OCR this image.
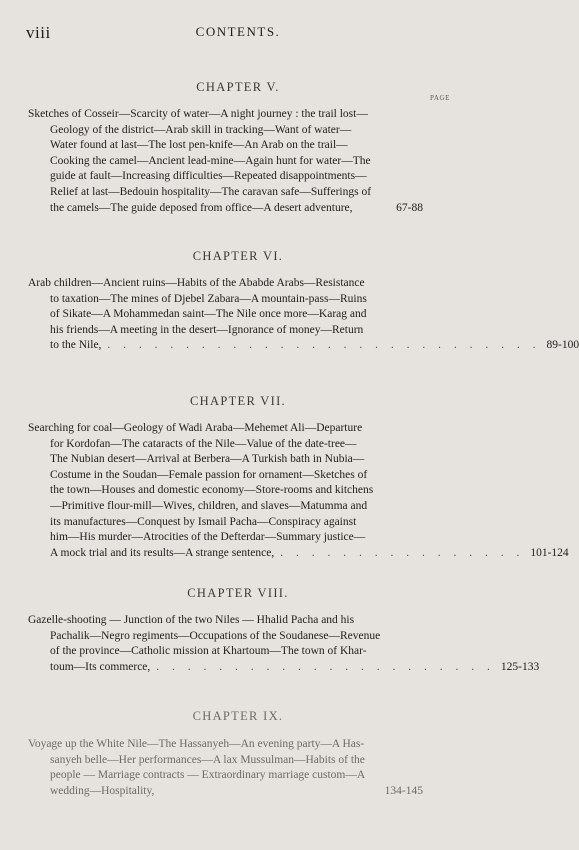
viii	CONTENTS.
PAGE
CHAPTER V.
Sketches of Cosseir—Scarcity of water—A night journey : the trail lost—
Geology of the district—Arab skill in tracking—Want of water—
Water found at last—The lost pen-knife—An Arab on the trail—
Cooking the camel—Ancient lead-mine—Again hunt for water—The
guide at fault—Increasing difficulties—Repeated disappointments—
Relief at last—Bedouin hospitality—The caravan safe—Sufferings of
the camels—The guide deposed from office—A desert adventure,	67-88
CHAPTER VI.
Arab children—Ancient ruins—Habits of the Ababde Arabs—Resistance
to taxation—The mines of Djebel Zabara—A mountain-pass—Ruins
of Sikate—A Mohammedan saint—The Nile once more—Karag and
his friends—A meeting in the desert—Ignorance of money—Return
to the Nile, . . . . . . . . . . . . . . . . . . . . . . . . . . . . 89-100
CHAPTER VII.
Searching for coal—Geology of Wadi Araba—Mehemet Ali—Departure
for Kordofan—The cataracts of the Nile—Value of the date-tree—
The Nubian desert—Arrival at Berbera—A Turkish bath in Nubia—
Costume in the Soudan—Female passion for ornament—Sketches of
the town—Houses and domestic economy—Store-rooms and kitchens
—Primitive flour-mill—Wives, children, and slaves—Matumma and
its manufactures—Conquest by Ismail Pacha—Conspiracy against
him—His murder—Atrocities of the Defterdar—Summary justice—
A mock trial and its results—A strange sentence, . . . . . . . . . . . . . . . . 101-124
CHAPTER VIII.
Gazelle-shooting — Junction of the two Niles — Hhalid Pacha and his
Pachalik—Negro regiments—Occupations of the Soudanese—Revenue
of the province—Catholic mission at Khartoum—The town of Khar-
toum—Its commerce, . . . . . . . . . . . . . . . . . . . . . . 125-133
CHAPTER IX.
Voyage up the White Nile—The Hassanyeh—An evening party—A Has-
sanyeh belle—Her performances—A lax Mussulman—Habits of the
people — Marriage contracts — Extraordinary marriage custom—A
wedding—Hospitality,	134-145
